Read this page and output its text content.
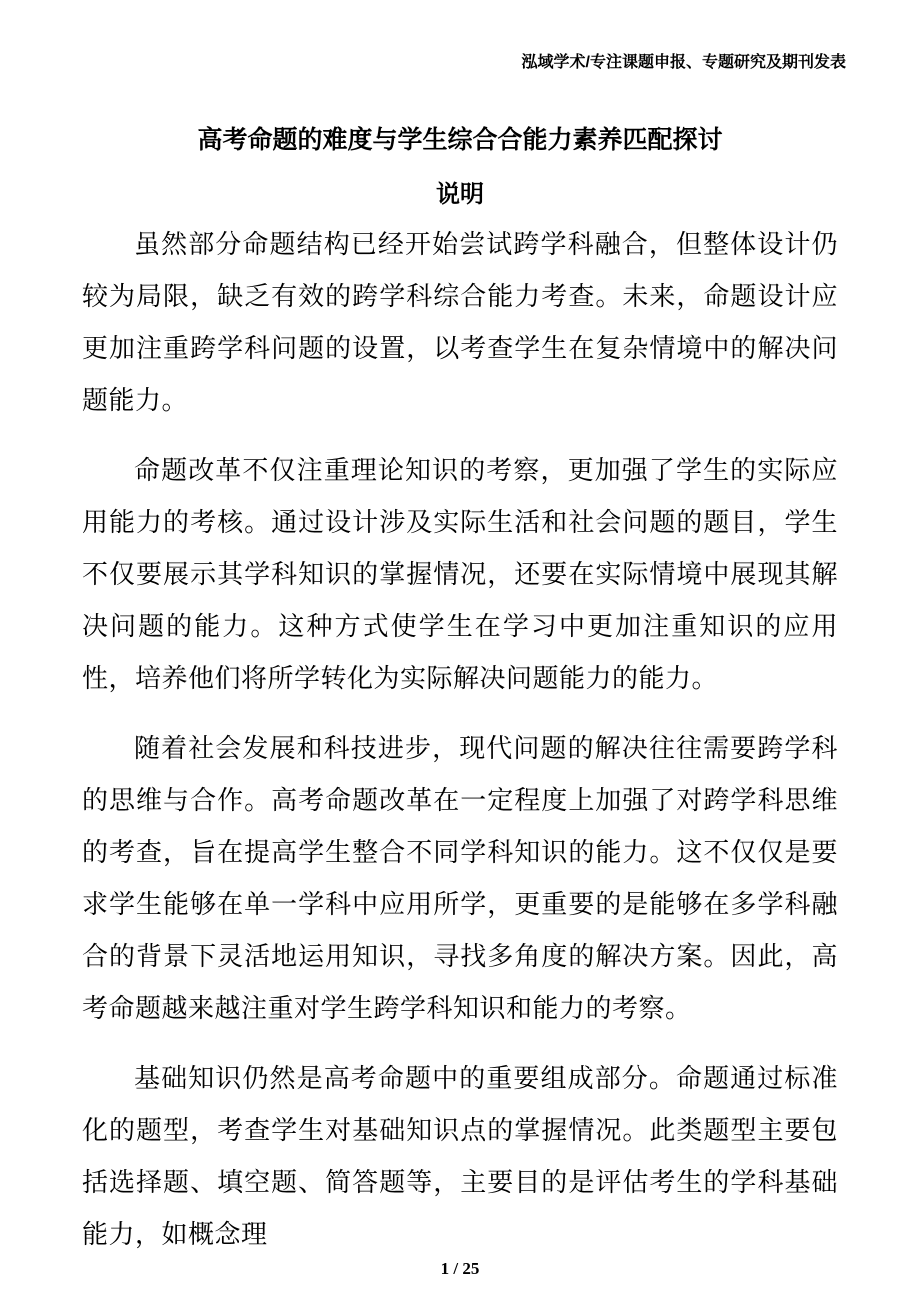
泓域学术/专注课题申报、专题研究及期刊发表
高考命题的难度与学生综合合能力素养匹配探讨
说明

虽然部分命题结构已经开始尝试跨学科融合，但整体设计仍较为局限，缺乏有效的跨学科综合能力考查。未来，命题设计应更加注重跨学科问题的设置，以考查学生在复杂情境中的解决问题能力。

命题改革不仅注重理论知识的考察，更加强了学生的实际应用能力的考核。通过设计涉及实际生活和社会问题的题目，学生不仅要展示其学科知识的掌握情况，还要在实际情境中展现其解决问题的能力。这种方式使学生在学习中更加注重知识的应用性，培养他们将所学转化为实际解决问题能力的能力。

随着社会发展和科技进步，现代问题的解决往往需要跨学科的思维与合作。高考命题改革在一定程度上加强了对跨学科思维的考查，旨在提高学生整合不同学科知识的能力。这不仅仅是要求学生能够在单一学科中应用所学，更重要的是能够在多学科融合的背景下灵活地运用知识，寻找多角度的解决方案。因此，高考命题越来越注重对学生跨学科知识和能力的考察。

基础知识仍然是高考命题中的重要组成部分。命题通过标准化的题型，考查学生对基础知识点的掌握情况。此类题型主要包括选择题、填空题、简答题等，主要目的是评估考生的学科基础能力，如概念理

1 / 25
